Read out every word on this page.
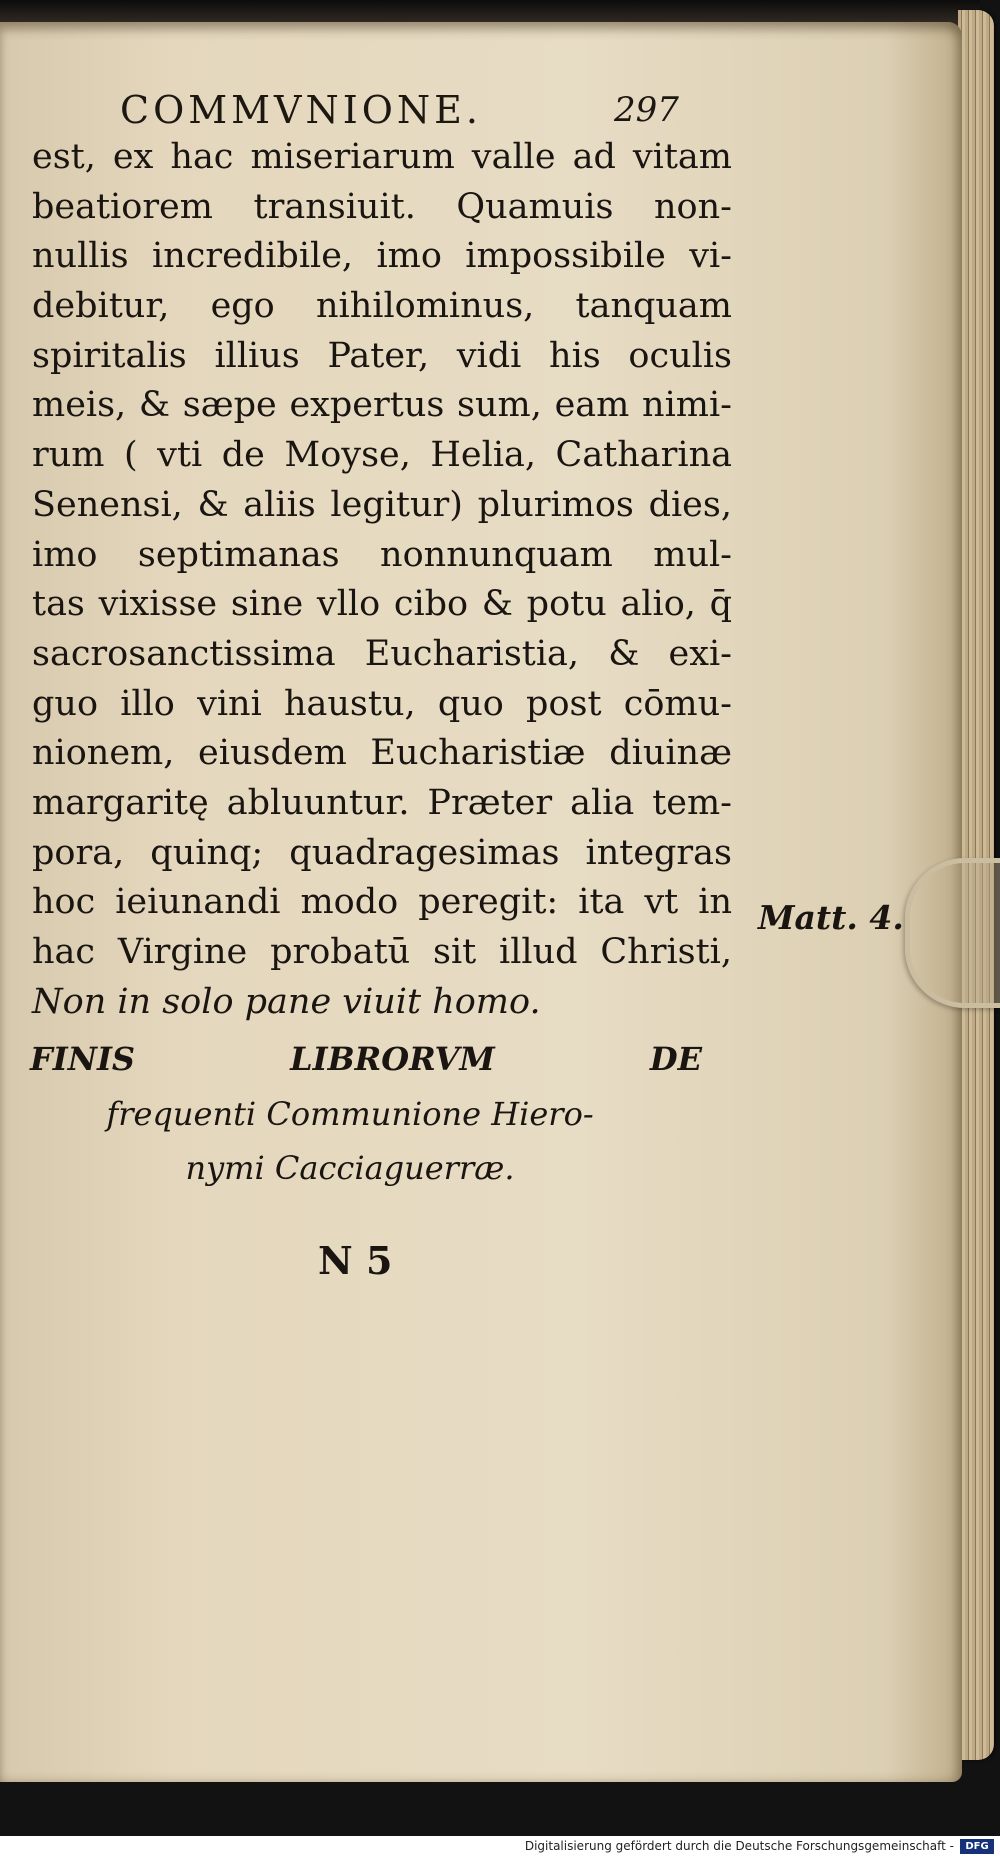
COMMVNIONE.	297
est, ex hac miseriarum valle ad vitam
beatiorem transiuit. Quamuis non-
nullis incredibile, imo impossibile vi-
debitur, ego nihilominus, tanquam
spiritalis illius Pater, vidi his oculis
meis, & sæpe expertus sum, eam nimi-
rum ( vti de Moyse, Helia, Catharina
Senensi, & aliis legitur) plurimos dies,
imo septimanas nonnunquam mul-
tas vixisse sine vllo cibo & potu alio, q̄
sacrosanctissima Eucharistia, & exi-
guo illo vini haustu, quo post cōmu-
nionem, eiusdem Eucharistiæ diuinæ
margaritę abluuntur. Præter alia tem-
pora, quinq; quadragesimas integras
hoc ieiunandi modo peregit: ita vt in
hac Virgine probatū sit illud Christi,
Non in solo pane viuit homo.
Matt. 4.
FINIS LIBRORVM DE
frequenti Communione Hiero-
nymi Cacciaguerræ.
N 5
Digitalisierung gefördert durch die Deutsche Forschungsgemeinschaft -	DFG
